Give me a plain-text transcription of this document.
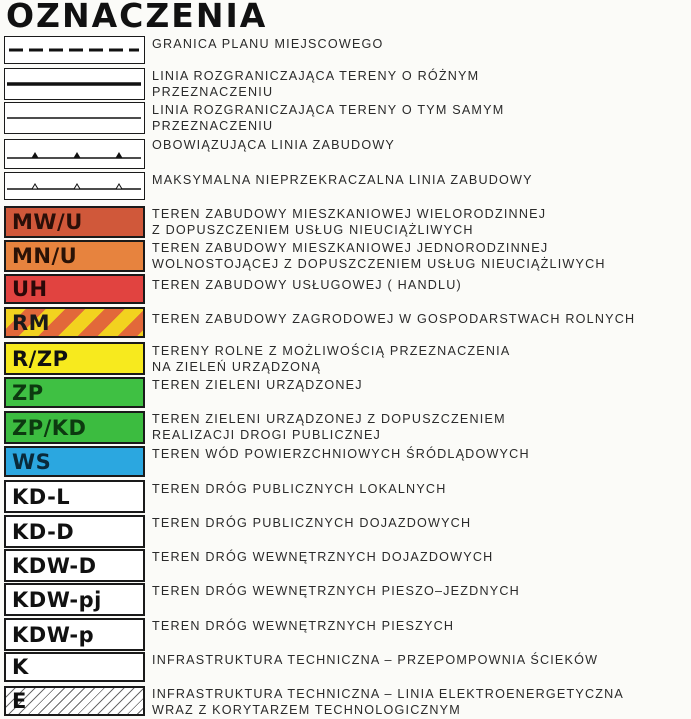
OZNACZENIA
GRANICA PLANU MIEJSCOWEGO
LINIA ROZGRANICZAJĄCA TERENY O RÓŻNYM
PRZEZNACZENIU
LINIA ROZGRANICZAJĄCA TERENY O TYM SAMYM
PRZEZNACZENIU
OBOWIĄZUJĄCA LINIA ZABUDOWY
MAKSYMALNA NIEPRZEKRACZALNA LINIA ZABUDOWY
MW/U	TEREN ZABUDOWY MIESZKANIOWEJ WIELORODZINNEJ
Z DOPUSZCZENIEM USŁUG NIEUCIĄŻLIWYCH
MN/U	TEREN ZABUDOWY MIESZKANIOWEJ JEDNORODZINNEJ
WOLNOSTOJĄCEJ Z DOPUSZCZENIEM USŁUG NIEUCIĄŻLIWYCH
UH	TEREN ZABUDOWY USŁUGOWEJ ( HANDLU)
RM	TEREN ZABUDOWY ZAGRODOWEJ W GOSPODARSTWACH ROLNYCH
R/ZP	TERENY ROLNE Z MOŻLIWOŚCIĄ PRZEZNACZENIA
NA ZIELEŃ URZĄDZONĄ
ZP	TEREN ZIELENI URZĄDZONEJ
ZP/KD	TEREN ZIELENI URZĄDZONEJ Z DOPUSZCZENIEM
REALIZACJI DROGI PUBLICZNEJ
WS	TEREN WÓD POWIERZCHNIOWYCH ŚRÓDLĄDOWYCH
KD-L	TEREN DRÓG PUBLICZNYCH LOKALNYCH
KD-D	TEREN DRÓG PUBLICZNYCH DOJAZDOWYCH
KDW-D	TEREN DRÓG WEWNĘTRZNYCH DOJAZDOWYCH
KDW-pj	TEREN DRÓG WEWNĘTRZNYCH PIESZO–JEZDNYCH
KDW-p	TEREN DRÓG WEWNĘTRZNYCH PIESZYCH
K	INFRASTRUKTURA TECHNICZNA – PRZEPOMPOWNIA ŚCIEKÓW
E	INFRASTRUKTURA TECHNICZNA – LINIA ELEKTROENERGETYCZNA
WRAZ Z KORYTARZEM TECHNOLOGICZNYM
